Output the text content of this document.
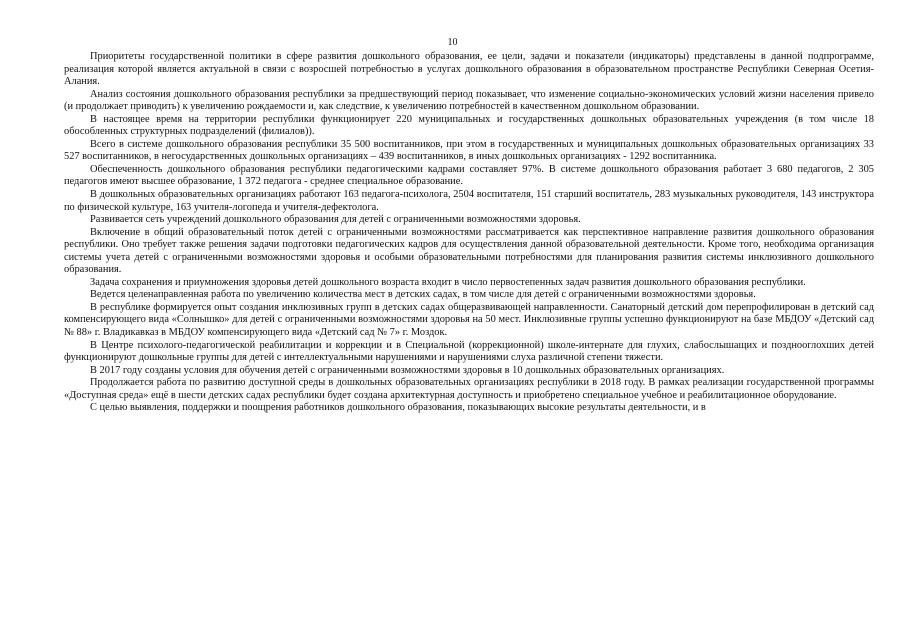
10

Приоритеты государственной политики в сфере развития дошкольного образования, ее цели, задачи и показатели (индикаторы) представлены в данной подпрограмме, реализация которой является актуальной в связи с возросшей потребностью в услугах дошкольного образования в образовательном пространстве Республики Северная Осетия-Алания.

Анализ состояния дошкольного образования республики за предшествующий период показывает, что изменение социально-экономических условий жизни населения привело (и продолжает приводить) к увеличению рождаемости и, как следствие, к увеличению потребностей в качественном дошкольном образовании.

В настоящее время на территории республики функционирует 220 муниципальных и государственных дошкольных образовательных учреждения (в том числе 18 обособленных структурных подразделений (филиалов)).

Всего в системе дошкольного образования республики 35 500 воспитанников, при этом в государственных и муниципальных дошкольных образовательных организациях 33 527 воспитанников, в негосударственных дошкольных организациях – 439 воспитанников, в иных дошкольных организациях - 1292 воспитанника.

Обеспеченность дошкольного образования республики педагогическими кадрами составляет 97%. В системе дошкольного образования работает 3 680 педагогов, 2 305 педагогов имеют высшее образование, 1 372 педагога - среднее специальное образование.

В дошкольных образовательных организациях работают 163 педагога-психолога, 2504 воспитателя, 151 старший воспитатель, 283 музыкальных руководителя, 143 инструктора по физической культуре, 163 учителя-логопеда и учителя-дефектолога.

Развивается сеть учреждений дошкольного образования для детей с ограниченными возможностями здоровья.

Включение в общий образовательный поток детей с ограниченными возможностями рассматривается как перспективное направление развития дошкольного образования республики. Оно требует также решения задачи подготовки педагогических кадров для осуществления данной образовательной деятельности. Кроме того, необходима организация системы учета детей с ограниченными возможностями здоровья и особыми образовательными потребностями для планирования развития системы инклюзивного дошкольного образования.

Задача сохранения и приумножения здоровья детей дошкольного возраста входит в число первостепенных задач развития дошкольного образования республики.

Ведется целенаправленная работа по увеличению количества мест в детских садах, в том числе для детей с ограниченными возможностями здоровья.

В республике формируется опыт создания инклюзивных групп в детских садах общеразвивающей направленности. Санаторный детский дом перепрофилирован в детский сад компенсирующего вида «Солнышко» для детей с ограниченными возможностями здоровья на 50 мест. Инклюзивные группы успешно функционируют на базе МБДОУ «Детский сад № 88» г. Владикавказ в МБДОУ компенсирующего вида «Детский сад № 7» г. Моздок.

В Центре психолого-педагогической реабилитации и коррекции и в Специальной (коррекционной) школе-интернате для глухих, слабослышащих и позднооглохших детей функционируют дошкольные группы для детей с интеллектуальными нарушениями и нарушениями слуха различной степени тяжести.

В 2017 году созданы условия для обучения детей с ограниченными возможностями здоровья в 10 дошкольных образовательных организациях.

Продолжается работа по развитию доступной среды в дошкольных образовательных организациях республики в 2018 году. В рамках реализации государственной программы «Доступная среда» ещё в шести детских садах республики будет создана архитектурная доступность и приобретено специальное учебное и реабилитационное оборудование.

С целью выявления, поддержки и поощрения работников дошкольного образования, показывающих высокие результаты деятельности, и в
